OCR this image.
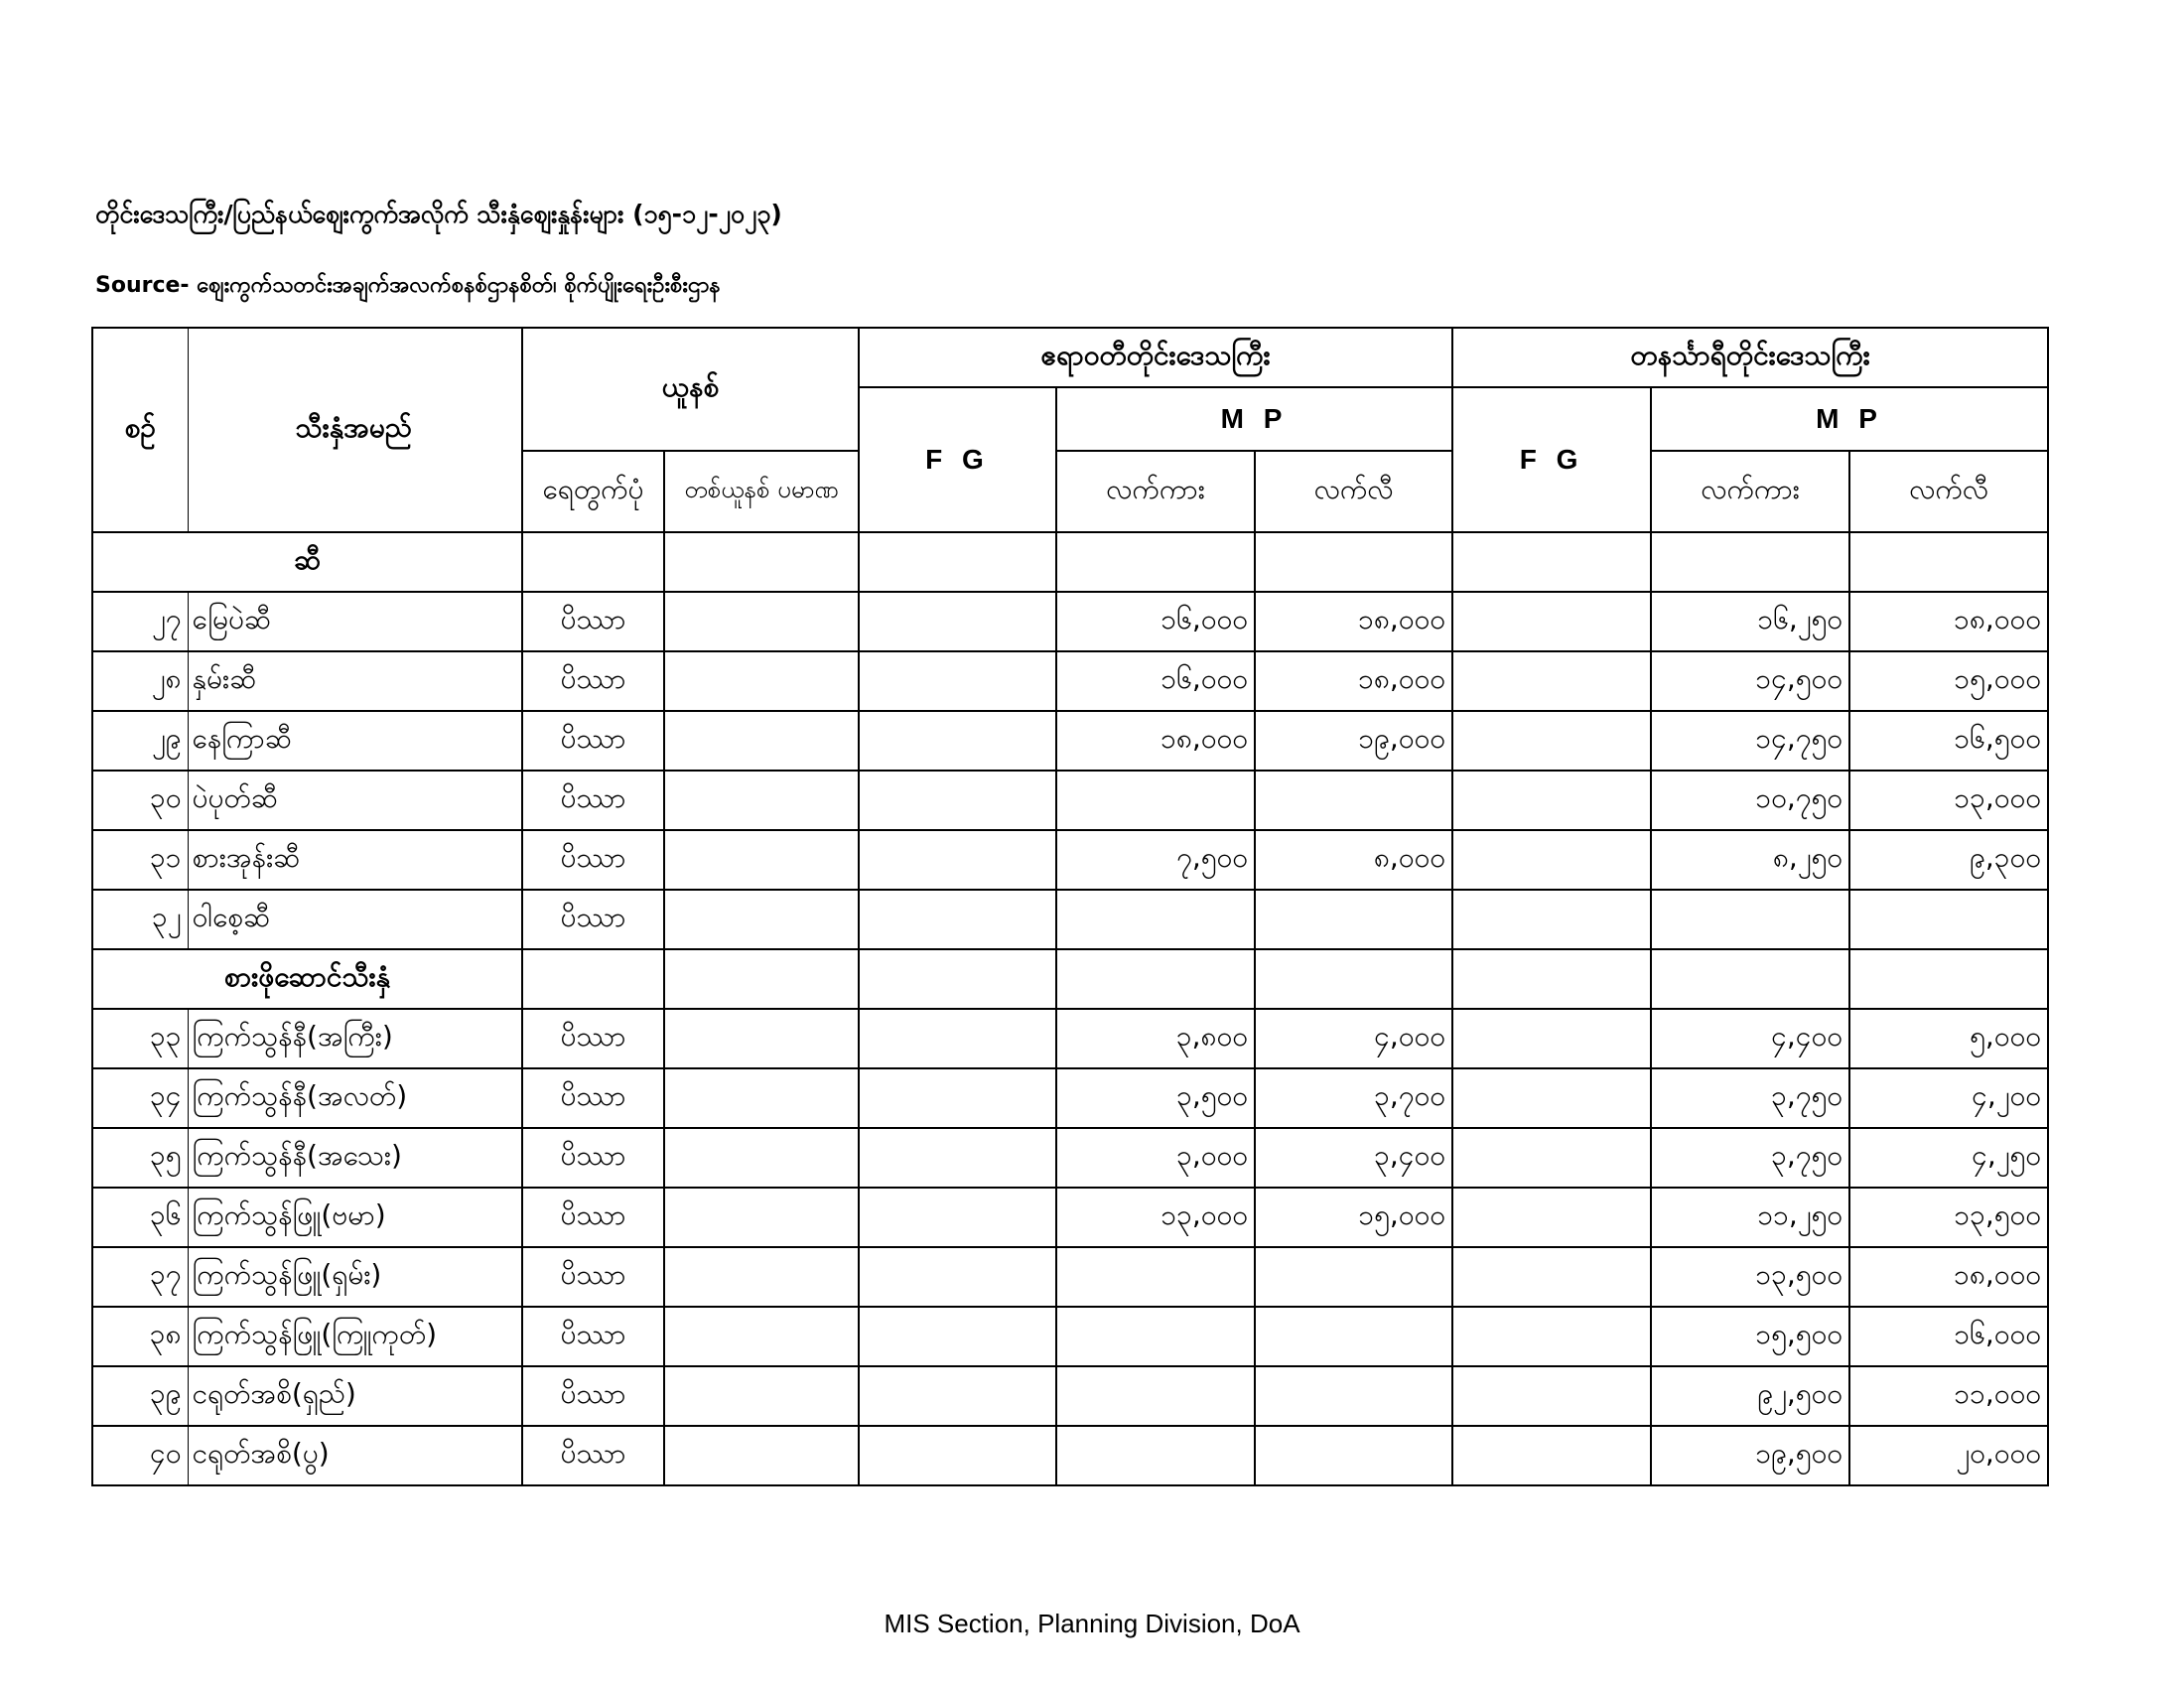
တိုင်းဒေသကြီး/ပြည်နယ်ဈေးကွက်အလိုက် သီးနှံဈေးနှုန်းများ (၁၅-၁၂-၂၀၂၃)
Source- ဈေးကွက်သတင်းအချက်အလက်စနစ်ဌာနစိတ်၊ စိုက်ပျိုးရေးဦးစီးဌာန
စဉ်	သီးနှံအမည်	ယူနစ်		ဧရာဝတီတိုင်းဒေသကြီး			တနင်္သာရီတိုင်းဒေသကြီး		
				F G	M P		F G	M P	
		ရေတွက်ပုံ	တစ်ယူနစ် ပမာဏ		လက်ကား	လက်လီ		လက်ကား	လက်လီ
ဆီ									
၂၇	မြေပဲဆီ	ပိဿာ			၁၆,၀၀၀	၁၈,၀၀၀		၁၆,၂၅၀	၁၈,၀၀၀
၂၈	နှမ်းဆီ	ပိဿာ			၁၆,၀၀၀	၁၈,၀၀၀		၁၄,၅၀၀	၁၅,၀၀၀
၂၉	နေကြာဆီ	ပိဿာ			၁၈,၀၀၀	၁၉,၀၀၀		၁၄,၇၅၀	၁၆,၅၀၀
၃၀	ပဲပုတ်ဆီ	ပိဿာ						၁၀,၇၅၀	၁၃,၀၀၀
၃၁	စားအုန်းဆီ	ပိဿာ			၇,၅၀၀	၈,၀၀၀		၈,၂၅၀	၉,၃၀၀
၃၂	ဝါစေ့ဆီ	ပိဿာ							
စားဖိုဆောင်သီးနှံ									
၃၃	ကြက်သွန်နီ(အကြီး)	ပိဿာ			၃,၈၀၀	၄,၀၀၀		၄,၄၀၀	၅,၀၀၀
၃၄	ကြက်သွန်နီ(အလတ်)	ပိဿာ			၃,၅၀၀	၃,၇၀၀		၃,၇၅၀	၄,၂၀၀
၃၅	ကြက်သွန်နီ(အသေး)	ပိဿာ			၃,၀၀၀	၃,၄၀၀		၃,၇၅၀	၄,၂၅၀
၃၆	ကြက်သွန်ဖြူ(ဗမာ)	ပိဿာ			၁၃,၀၀၀	၁၅,၀၀၀		၁၁,၂၅၀	၁၃,၅၀၀
၃၇	ကြက်သွန်ဖြူ(ရှမ်း)	ပိဿာ						၁၃,၅၀၀	၁၈,၀၀၀
၃၈	ကြက်သွန်ဖြူ(ကြူကုတ်)	ပိဿာ						၁၅,၅၀၀	၁၆,၀၀၀
၃၉	ငရုတ်အစိ(ရှည်)	ပိဿာ						၉၂,၅၀၀	၁၁,၀၀၀
၄၀	ငရုတ်အစိ(ပွ)	ပိဿာ						၁၉,၅၀၀	၂၀,၀၀၀
MIS Section, Planning Division, DoA
